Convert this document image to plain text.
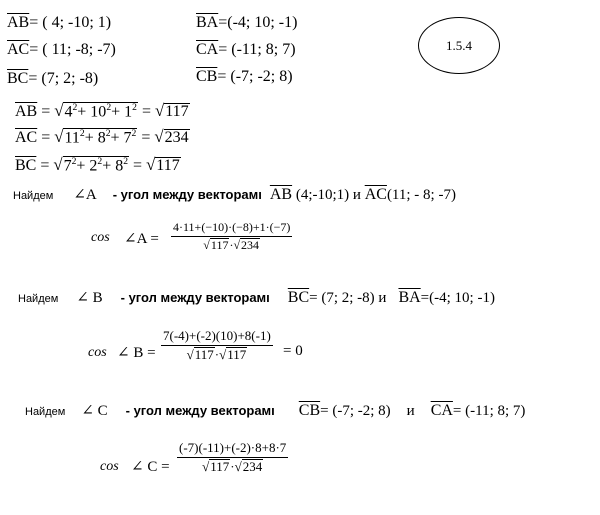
1.5.4
$\overline{AB}=$ ( 4; -10; 1)
$\overline{AC}=$ ( 11; -8; -7)
$\overline{BC}= (7$; 2; -8)
$\overline{BA}=(-4$; 10; -1)
$\overline{CA}= (-11$; 8; 7)
$\overline{CB}= (-7$; -2; 8)
$\overline{AB} = √4^2+ 10^2+ 1^2 = √117$
$\overline{AC} = √11^2+ 8^2+ 7^2 = √234$
$\overline{BC} = √7^2+ 2^2+ 8^2 = √117$
Найдем ∠A - угол между векторамı $\overline{AB}$ (4;-10;1) и $\overline{AC}(11$; - 8; -7)
cos ∠A = $\frac{4\cdot 11+(-10)\cdot(-8)+1\cdot(-7)}{√117\cdot√234}$
Найдем ∠ B - угол между векторамı $\overline{BC}= (7$; 2; -8) и $\overline{BA}=(-4$; 10; -1)
cos ∠ $B = \frac{7(-4)+(-2)(10)+8(-1)}{√117\cdot√117} = 0$
Найдем ∠ C - угол между векторамı $\overline{CB}= (-7$; -2; 8) и $\overline{CA}= (-11$; 8; 7)
cos ∠ $C = \frac{(-7)(-11)+(-2)\cdot 8+8\cdot 7}{√117\cdot√234}$
